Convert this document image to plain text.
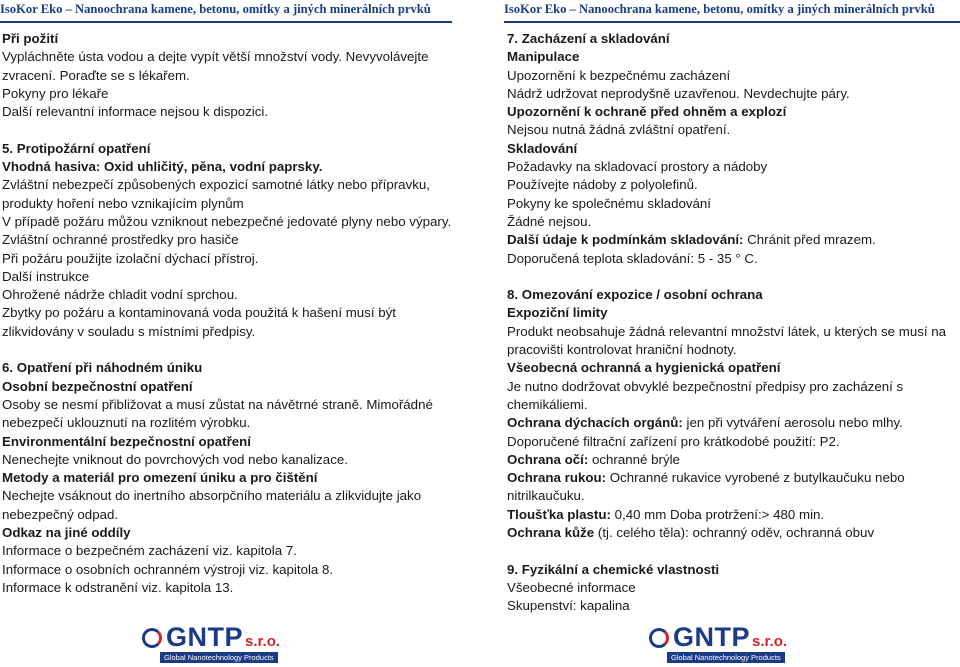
IsoKor Eko – Nanoochrana kamene, betonu, omítky a jiných minerálních prvků
Při požití
Vypláchněte ústa vodou a dejte vypít větší množství vody. Nevyvolávejte
zvracení. Poraďte se s lékařem.
Pokyny pro lékaře
Další relevantní informace nejsou k dispozici.
5. Protipožární opatření
Vhodná hasiva: Oxid uhličitý, pěna, vodní paprsky.
Zvláštní nebezpečí způsobených expozicí samotné látky nebo přípravku,
produkty hoření nebo vznikajícím plynům
V případě požáru můžou vzniknout nebezpečné jedovaté plyny nebo výpary.
Zvláštní ochranné prostředky pro hasiče
Při požáru použijte izolační dýchací přístroj.
Další instrukce
Ohrožené nádrže chladit vodní sprchou.
Zbytky po požáru a kontaminovaná voda použitá k hašení musí být
zlikvidovány v souladu s místními předpisy.
6. Opatření při náhodném úniku
Osobní bezpečnostní opatření
Osoby se nesmí přibližovat a musí zůstat na návětrné straně. Mimořádné
nebezpečí uklouznutí na rozlitém výrobku.
Environmentální bezpečnostní opatření
Nenechejte vniknout do povrchových vod nebo kanalizace.
Metody a materiál pro omezení úniku a pro čištění
Nechejte vsáknout do inertního absorpčního materiálu a zlikvidujte jako
nebezpečný odpad.
Odkaz na jiné oddíly
Informace o bezpečném zacházení viz. kapitola 7.
Informace o osobních ochranném výstroji viz. kapitola 8.
Informace k odstranění viz. kapitola 13.
GNTP s.r.o.
Global Nanotechnology Products
IsoKor Eko – Nanoochrana kamene, betonu, omítky a jiných minerálních prvků
7. Zacházení a skladování
Manipulace
Upozornění k bezpečnému zacházení
Nádrž udržovat neprodyšně uzavřenou. Nevdechujte páry.
Upozornění k ochraně před ohněm a explozí
Nejsou nutná žádná zvláštní opatření.
Skladování
Požadavky na skladovací prostory a nádoby
Používejte nádoby z polyolefinů.
Pokyny ke společnému skladování
Žádné nejsou.
Další údaje k podmínkám skladování: Chránit před mrazem.
Doporučená teplota skladování: 5 - 35 ° C.
8. Omezování expozice / osobní ochrana
Expoziční limity
Produkt neobsahuje žádná relevantní množství látek, u kterých se musí na
pracovišti kontrolovat hraniční hodnoty.
Všeobecná ochranná a hygienická opatření
Je nutno dodržovat obvyklé bezpečnostní předpisy pro zacházení s
chemikáliemi.
Ochrana dýchacích orgánů: jen při vytváření aerosolu nebo mlhy.
Doporučené filtrační zařízení pro krátkodobé použití: P2.
Ochrana očí: ochranné brýle
Ochrana rukou: Ochranné rukavice vyrobené z butylkaučuku nebo
nitrilkaučuku.
Tloušťka plastu: 0,40 mm Doba protržení:> 480 min.
Ochrana kůže (tj. celého těla): ochranný oděv, ochranná obuv
9. Fyzikální a chemické vlastnosti
Všeobecné informace
Skupenství: kapalina
GNTP s.r.o.
Global Nanotechnology Products
